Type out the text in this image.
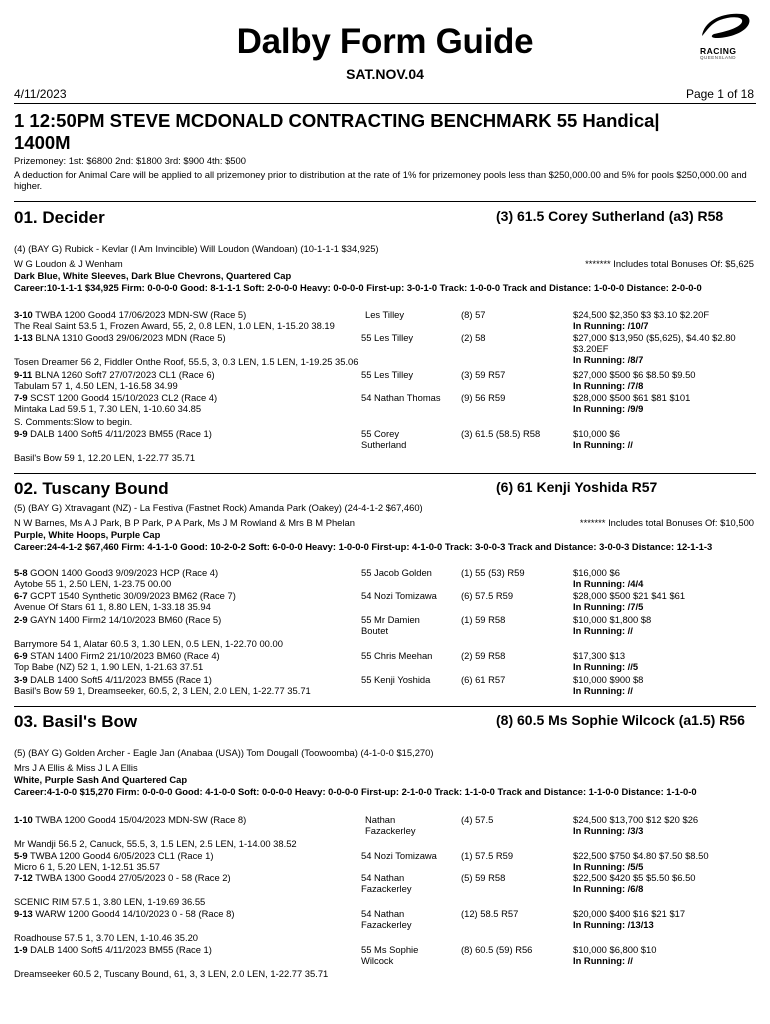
Dalby Form Guide
SAT.NOV.04
RACING
QUEENSLAND
4/11/2023	Page 1 of 18
1 12:50PM STEVE MCDONALD CONTRACTING BENCHMARK 55 Handica|
1400M
Prizemoney: 1st: $6800 2nd: $1800 3rd: $900 4th: $500
A deduction for Animal Care will be applied to all prizemoney prior to distribution at the rate of 1% for prizemoney pools less than $250,000.00 and 5% for pools $250,000.00 and higher.
01. Decider	(3) 61.5 Corey Sutherland (a3) R58
(4) (BAY G) Rubick - Kevlar (I Am Invincible) Will Loudon (Wandoan) (10-1-1-1 $34,925)
W G Loudon & J Wenham	******* Includes total Bonuses Of: $5,625
Dark Blue, White Sleeves, Dark Blue Chevrons, Quartered Cap
Career:10-1-1-1 $34,925 Firm: 0-0-0-0 Good: 8-1-1-1 Soft: 2-0-0-0 Heavy: 0-0-0-0 First-up: 3-0-1-0 Track: 1-0-0-0 Track and Distance: 1-0-0-0 Distance: 2-0-0-0
3-10 TWBA 1200 Good4 17/06/2023 MDN-SW (Race 5)	Les Tilley	(8) 57	$24,500 $2,350 $3 $3.10 $2.20F
In Running: /10/7
The Real Saint 53.5 1, Frozen Award, 55, 2, 0.8 LEN, 1.0 LEN, 1-15.20 38.19
1-13 BLNA 1310 Good3 29/06/2023 MDN (Race 5)	55 Les Tilley	(2) 58	$27,000 $13,950 ($5,625), $4.40 $2.80 $3.20EF
In Running: /8/7
Tosen Dreamer 56 2, Fiddler Onthe Roof, 55.5, 3, 0.3 LEN, 1.5 LEN, 1-19.25 35.06
9-11 BLNA 1260 Soft7 27/07/2023 CL1 (Race 6)	55 Les Tilley	(3) 59 R57	$27,000 $500 $6 $8.50 $9.50
In Running: /7/8
Tabulam 57 1, 4.50 LEN, 1-16.58 34.99
7-9 SCST 1200 Good4 15/10/2023 CL2 (Race 4)	54 Nathan Thomas	(9) 56 R59	$28,000 $500 $61 $81 $101
In Running: /9/9
Mintaka Lad 59.5 1, 7.30 LEN, 1-10.60 34.85
9-9 DALB 1400 Soft5 4/11/2023 BM55 (Race 1)	55 Corey Sutherland
(3) 61.5 (58.5) R58	$10,000 $6
In Running: //
Basil's Bow 59 1, 12.20 LEN, 1-22.77 35.71
S. Comments:Slow to begin.
02. Tuscany Bound	(6) 61 Kenji Yoshida R57
(5) (BAY G) Xtravagant (NZ) - La Festiva (Fastnet Rock) Amanda Park (Oakey) (24-4-1-2 $67,460)
N W Barnes, Ms A J Park, B P Park, P A Park, Ms J M Rowland & Mrs B M Phelan	******* Includes total Bonuses Of: $10,500
Purple, White Hoops, Purple Cap
Career:24-4-1-2 $67,460 Firm: 4-1-1-0 Good: 10-2-0-2 Soft: 6-0-0-0 Heavy: 1-0-0-0 First-up: 4-1-0-0 Track: 3-0-0-3 Track and Distance: 3-0-0-3 Distance: 12-1-1-3
5-8 GOON 1400 Good3 9/09/2023 HCP (Race 4)	55 Jacob Golden	(1) 55 (53) R59	$16,000 $6
In Running: /4/4
Aytobe 55 1, 2.50 LEN, 1-23.75 00.00
6-7 GCPT 1540 Synthetic 30/09/2023 BM62 (Race 7)	54 Nozi Tomizawa	(6) 57.5 R59	$28,000 $500 $21 $41 $61
In Running: /7/5
Avenue Of Stars 61 1, 8.80 LEN, 1-33.18 35.94
2-9 GAYN 1400 Firm2 14/10/2023 BM60 (Race 5)	55 Mr Damien Boutet
(1) 59 R58	$10,000 $1,800 $8
In Running: //
Barrymore 54 1, Alatar 60.5 3, 1.30 LEN, 0.5 LEN, 1-22.70 00.00
6-9 STAN 1400 Firm2 21/10/2023 BM60 (Race 4)	55 Chris Meehan	(2) 59 R58	$17,300 $13
In Running: //5
Top Babe (NZ) 52 1, 1.90 LEN, 1-21.63 37.51
3-9 DALB 1400 Soft5 4/11/2023 BM55 (Race 1)	55 Kenji Yoshida	(6) 61 R57	$10,000 $900 $8
In Running: //
Basil's Bow 59 1, Dreamseeker, 60.5, 2, 3 LEN, 2.0 LEN, 1-22.77 35.71
03. Basil's Bow	(8) 60.5 Ms Sophie Wilcock (a1.5) R56
(5) (BAY G) Golden Archer - Eagle Jan (Anabaa (USA)) Tom Dougall (Toowoomba) (4-1-0-0 $15,270)
Mrs J A Ellis & Miss J L A Ellis
White, Purple Sash And Quartered Cap
Career:4-1-0-0 $15,270 Firm: 0-0-0-0 Good: 4-1-0-0 Soft: 0-0-0-0 Heavy: 0-0-0-0 First-up: 2-1-0-0 Track: 1-1-0-0 Track and Distance: 1-1-0-0 Distance: 1-1-0-0
1-10 TWBA 1200 Good4 15/04/2023 MDN-SW (Race 8)	Nathan Fazackerley
(4) 57.5	$24,500 $13,700 $12 $20 $26
In Running: /3/3
Mr Wandji 56.5 2, Canuck, 55.5, 3, 1.5 LEN, 2.5 LEN, 1-14.00 38.52
5-9 TWBA 1200 Good4 6/05/2023 CL1 (Race 1)	54 Nozi Tomizawa	(1) 57.5 R59	$22,500 $750 $4.80 $7.50 $8.50
In Running: /5/5
Micro 6 1, 5.20 LEN, 1-12.51 35.57
7-12 TWBA 1300 Good4 27/05/2023 0 - 58 (Race 2)	54 Nathan Fazackerley
(5) 59 R58	$22,500 $420 $5 $5.50 $6.50
In Running: /6/8
SCENIC RIM 57.5 1, 3.80 LEN, 1-19.69 36.55
9-13 WARW 1200 Good4 14/10/2023 0 - 58 (Race 8)	54 Nathan Fazackerley
(12) 58.5 R57	$20,000 $400 $16 $21 $17
In Running: /13/13
Roadhouse 57.5 1, 3.70 LEN, 1-10.46 35.20
1-9 DALB 1400 Soft5 4/11/2023 BM55 (Race 1)	55 Ms Sophie Wilcock
(8) 60.5 (59) R56	$10,000 $6,800 $10
In Running: //
Dreamseeker 60.5 2, Tuscany Bound, 61, 3, 3 LEN, 2.0 LEN, 1-22.77 35.71
